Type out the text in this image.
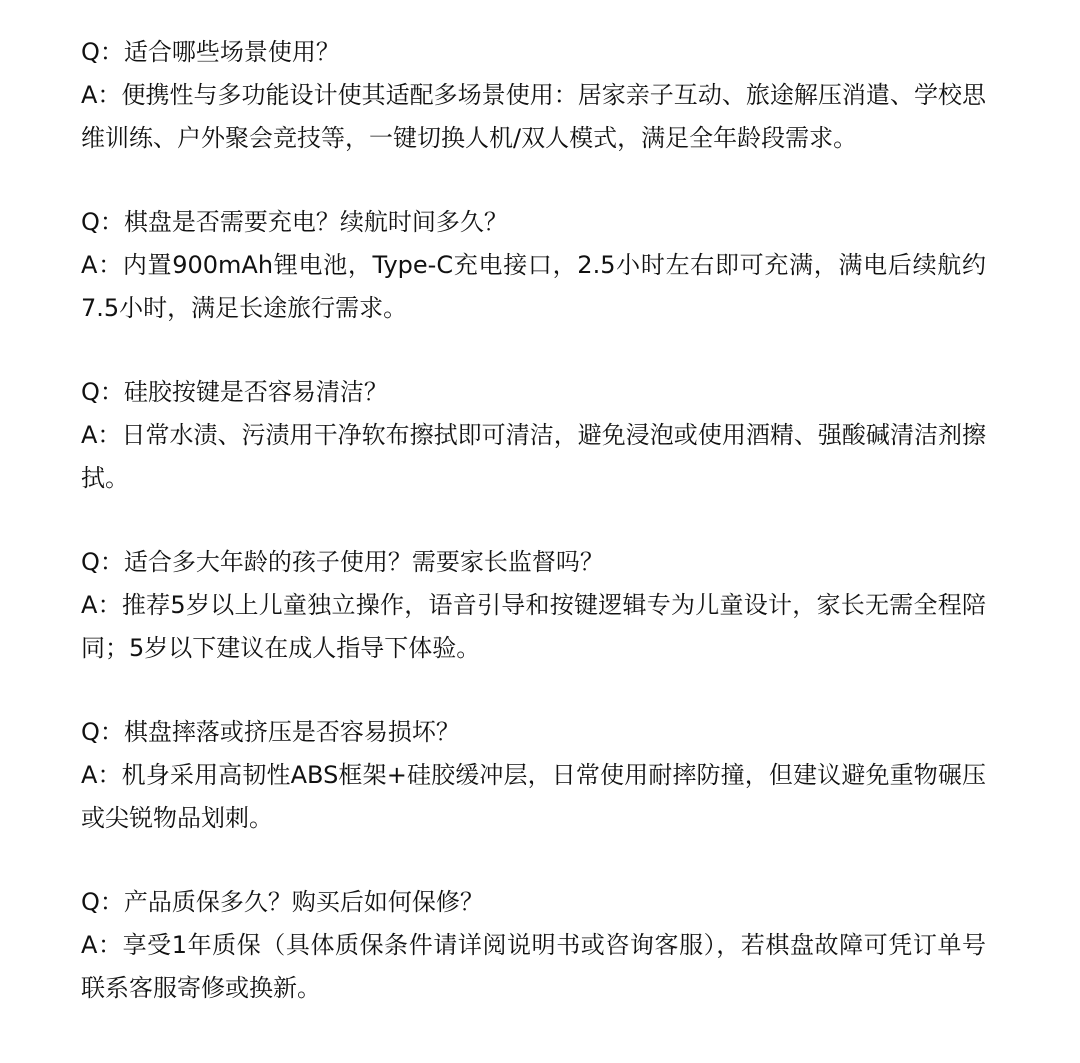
Q：适合哪些场景使用？

A：便携性与多功能设计使其适配多场景使用：居家亲子互动、旅途解压消遣、学校思维训练、户外聚会竞技等，一键切换人机/双人模式，满足全年龄段需求。

Q：棋盘是否需要充电？续航时间多久？

A：内置900mAh锂电池，Type-C充电接口，2.5小时左右即可充满，满电后续航约7.5小时，满足长途旅行需求。

Q：硅胶按键是否容易清洁？

A：日常水渍、污渍用干净软布擦拭即可清洁，避免浸泡或使用酒精、强酸碱清洁剂擦拭。

Q：适合多大年龄的孩子使用？需要家长监督吗？

A：推荐5岁以上儿童独立操作，语音引导和按键逻辑专为儿童设计，家长无需全程陪同；5岁以下建议在成人指导下体验。

Q：棋盘摔落或挤压是否容易损坏？

A：机身采用高韧性ABS框架+硅胶缓冲层，日常使用耐摔防撞，但建议避免重物碾压或尖锐物品划刺。

Q：产品质保多久？购买后如何保修？

A：享受1年质保（具体质保条件请详阅说明书或咨询客服），若棋盘故障可凭订单号联系客服寄修或换新。
